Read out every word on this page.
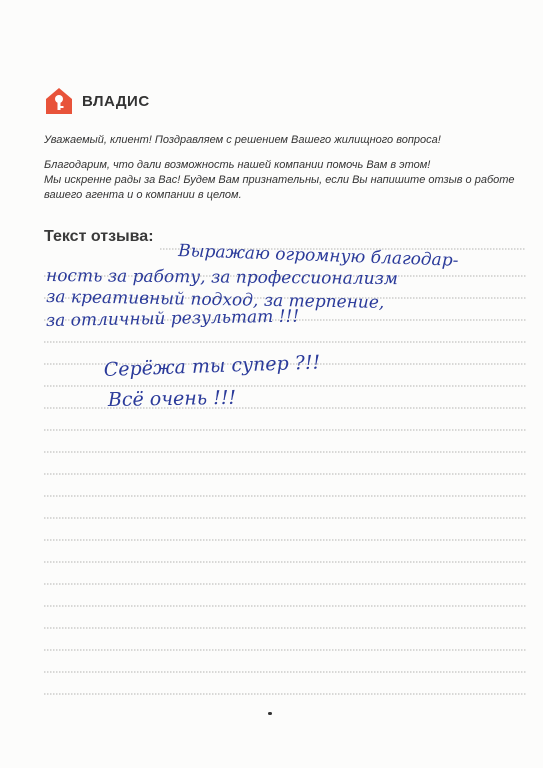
ВЛАДИС
Уважаемый, клиент! Поздравляем с решением Вашего жилищного вопроса!
Благодарим, что дали возможность нашей компании помочь Вам в этом!
Мы искренне рады за Вас! Будем Вам признательны, если Вы напишите отзыв о работе
вашего агента и о компании в целом.
Текст отзыва:
Выражаю огромную благодар-
ность за работу, за профессионализм
за креативный подход, за терпение,
за отличный результат !!!
Серёжа ты супер ?!!
Всё очень !!!
